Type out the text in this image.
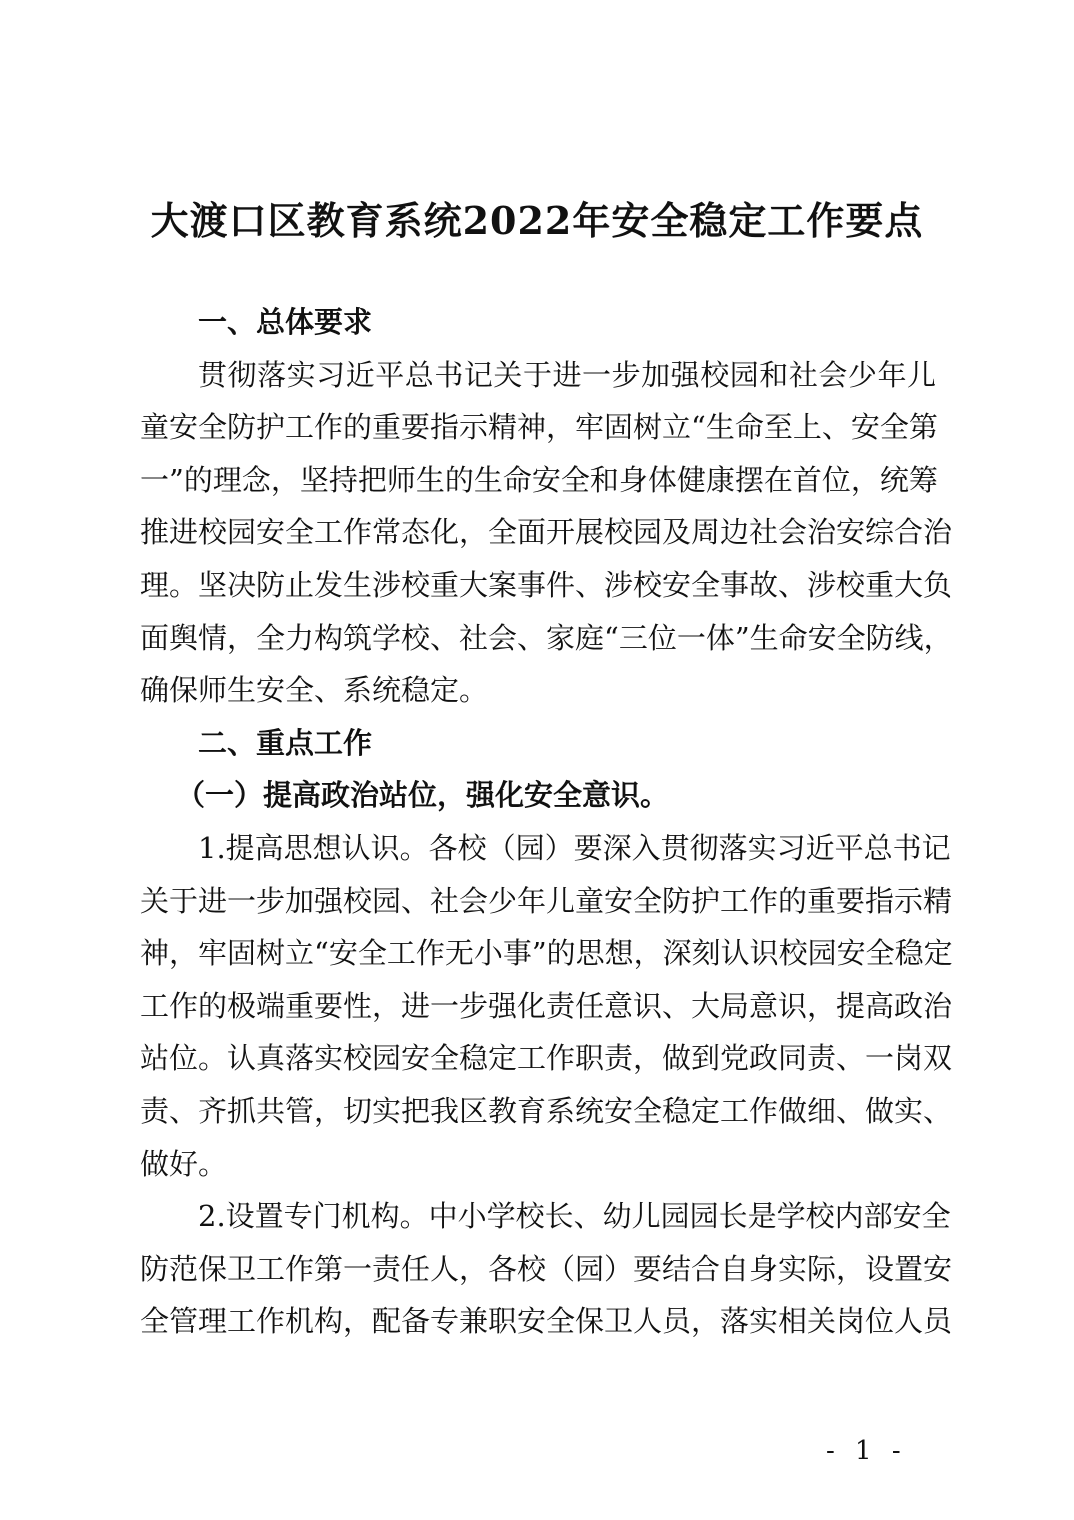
大渡口区教育系统2022年安全稳定工作要点
一、总体要求
贯彻落实习近平总书记关于进一步加强校园和社会少年儿
童安全防护工作的重要指示精神，牢固树立“生命至上、安全第
一”的理念，坚持把师生的生命安全和身体健康摆在首位，统筹
推进校园安全工作常态化，全面开展校园及周边社会治安综合治
理。坚决防止发生涉校重大案事件、涉校安全事故、涉校重大负
面舆情，全力构筑学校、社会、家庭“三位一体”生命安全防线，
确保师生安全、系统稳定。
二、重点工作
（一）提高政治站位，强化安全意识。
1.提高思想认识。各校（园）要深入贯彻落实习近平总书记
关于进一步加强校园、社会少年儿童安全防护工作的重要指示精
神，牢固树立“安全工作无小事”的思想，深刻认识校园安全稳定
工作的极端重要性，进一步强化责任意识、大局意识，提高政治
站位。认真落实校园安全稳定工作职责，做到党政同责、一岗双
责、齐抓共管，切实把我区教育系统安全稳定工作做细、做实、
做好。
2.设置专门机构。中小学校长、幼儿园园长是学校内部安全
防范保卫工作第一责任人，各校（园）要结合自身实际，设置安
全管理工作机构，配备专兼职安全保卫人员，落实相关岗位人员
- 1 -
